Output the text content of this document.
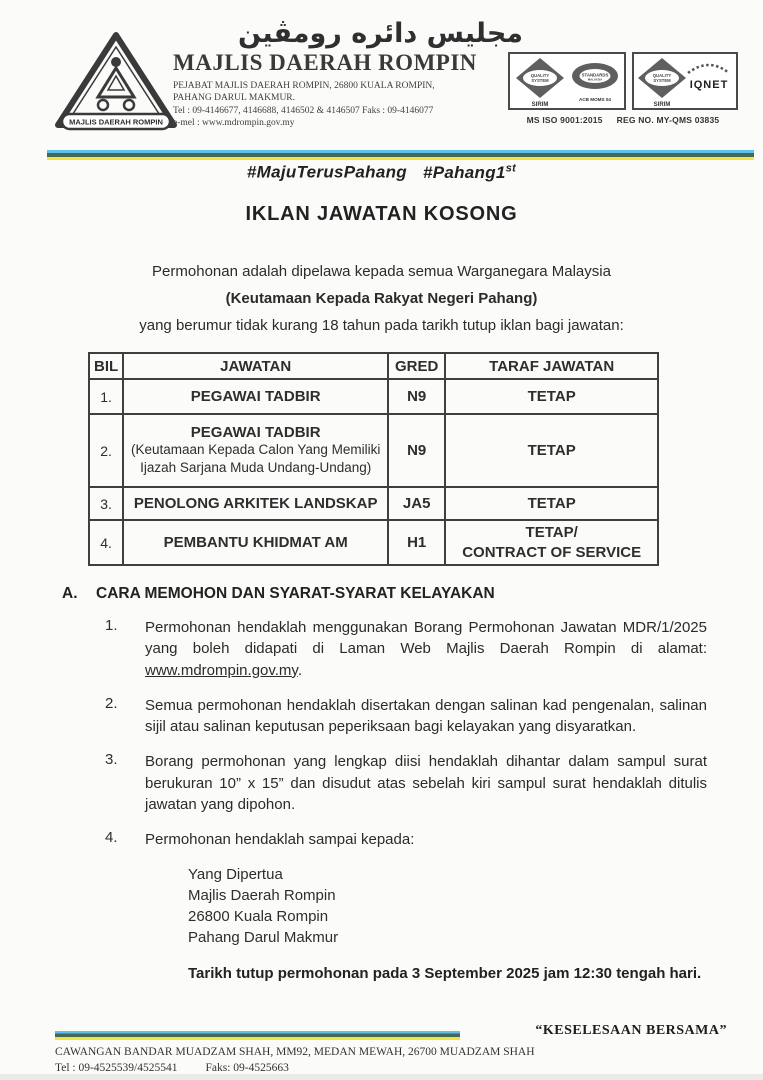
MAJLIS DAERAH ROMPIN
مجليس دائره رومڤين
MAJLIS DAERAH ROMPIN
PEJABAT MAJLIS DAERAH ROMPIN, 26800 KUALA ROMPIN,
PAHANG DARUL MAKMUR.
Tel : 09-4146677, 4146688, 4146502 & 4146507 Faks : 09-4146077
e-mel : www.mdrompin.gov.my
QUALITY
SYSTEM
SIRIM
STANDARDS
MALAYSIA
ACB MOMS 04
QUALITY
SYSTEM
SIRIM
IQNET
MS ISO 9001:2015 REG NO. MY-QMS 03835
#MajuTerusPahang #Pahang1st
IKLAN JAWATAN KOSONG
Permohonan adalah dipelawa kepada semua Warganegara Malaysia
(Keutamaan Kepada Rakyat Negeri Pahang)
yang berumur tidak kurang 18 tahun pada tarikh tutup iklan bagi jawatan:
BIL	JAWATAN	GRED	TARAF JAWATAN
1.	PEGAWAI TADBIR	N9	TETAP
2.	PEGAWAI TADBIR
(Keutamaan Kepada Calon Yang Memiliki Ijazah Sarjana Muda Undang-Undang)	N9	TETAP
3.	PENOLONG ARKITEK LANDSKAP	JA5	TETAP
4.	PEMBANTU KHIDMAT AM	H1	TETAP/
CONTRACT OF SERVICE
A.	CARA MEMOHON DAN SYARAT-SYARAT KELAYAKAN
1.	Permohonan hendaklah menggunakan Borang Permohonan Jawatan MDR/1/2025 yang boleh didapati di Laman Web Majlis Daerah Rompin di alamat: www.mdrompin.gov.my.
2.	Semua permohonan hendaklah disertakan dengan salinan kad pengenalan, salinan sijil atau salinan keputusan peperiksaan bagi kelayakan yang disyaratkan.
3.	Borang permohonan yang lengkap diisi hendaklah dihantar dalam sampul surat berukuran 10” x 15” dan disudut atas sebelah kiri sampul surat hendaklah ditulis jawatan yang dipohon.
4.	Permohonan hendaklah sampai kepada:
Yang Dipertua
Majlis Daerah Rompin
26800 Kuala Rompin
Pahang Darul Makmur
Tarikh tutup permohonan pada 3 September 2025 jam 12:30 tengah hari.
“KESELESAAN BERSAMA”
CAWANGAN BANDAR MUADZAM SHAH, MM92, MEDAN MEWAH, 26700 MUADZAM SHAH
Tel : 09-4525539/4525541 Faks: 09-4525663
